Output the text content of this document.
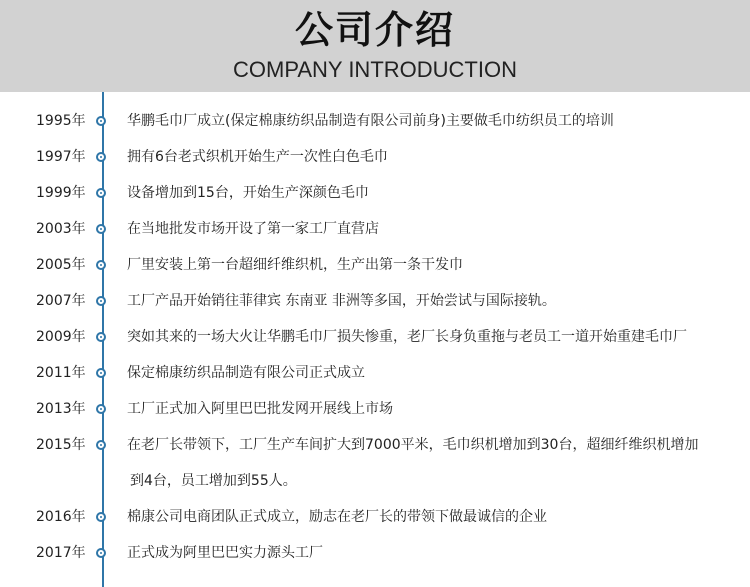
公司介绍
COMPANY INTRODUCTION
1995年	华鹏毛巾厂成立(保定棉康纺织品制造有限公司前身)主要做毛巾纺织员工的培训
1997年	拥有6台老式织机开始生产一次性白色毛巾
1999年	设备增加到15台，开始生产深颜色毛巾
2003年	在当地批发市场开设了第一家工厂直营店
2005年	厂里安装上第一台超细纤维织机，生产出第一条干发巾
2007年	工厂产品开始销往菲律宾 东南亚 非洲等多国，开始尝试与国际接轨。
2009年	突如其来的一场大火让华鹏毛巾厂损失惨重，老厂长身负重拖与老员工一道开始重建毛巾厂
2011年	保定棉康纺织品制造有限公司正式成立
2013年	工厂正式加入阿里巴巴批发网开展线上市场
2015年	在老厂长带领下，工厂生产车间扩大到7000平米，毛巾织机增加到30台，超细纤维织机增加
到4台，员工增加到55人。
2016年	棉康公司电商团队正式成立，励志在老厂长的带领下做最诚信的企业
2017年	正式成为阿里巴巴实力源头工厂
